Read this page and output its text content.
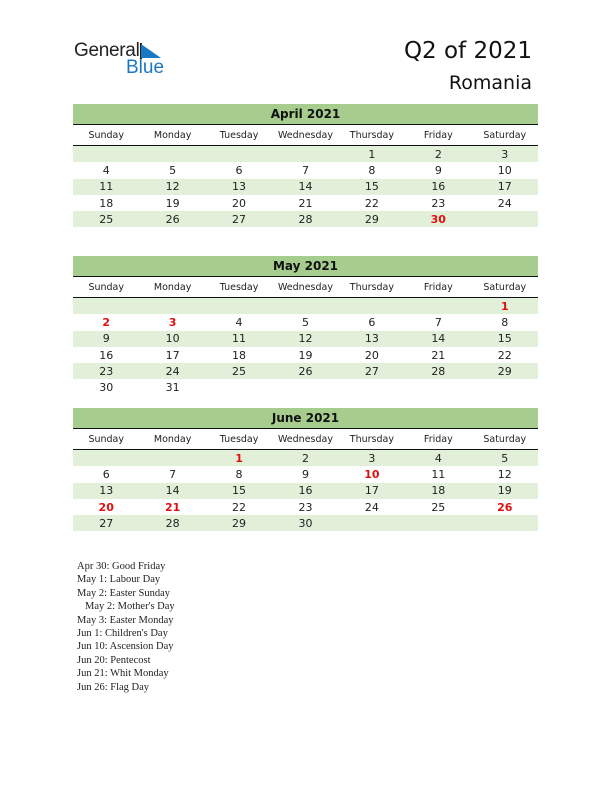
General
Blue
Q2 of 2021
Romania
April 2021
Sunday	Monday	Tuesday	Wednesday	Thursday	Friday	Saturday
				1	2	3
4	5	6	7	8	9	10
11	12	13	14	15	16	17
18	19	20	21	22	23	24
25	26	27	28	29	30	
May 2021
Sunday	Monday	Tuesday	Wednesday	Thursday	Friday	Saturday
						1
2	3	4	5	6	7	8
9	10	11	12	13	14	15
16	17	18	19	20	21	22
23	24	25	26	27	28	29
30	31					
June 2021
Sunday	Monday	Tuesday	Wednesday	Thursday	Friday	Saturday
		1	2	3	4	5
6	7	8	9	10	11	12
13	14	15	16	17	18	19
20	21	22	23	24	25	26
27	28	29	30			
Apr 30: Good Friday
May 1: Labour Day
May 2: Easter Sunday
May 2: Mother's Day
May 3: Easter Monday
Jun 1: Children's Day
Jun 10: Ascension Day
Jun 20: Pentecost
Jun 21: Whit Monday
Jun 26: Flag Day
